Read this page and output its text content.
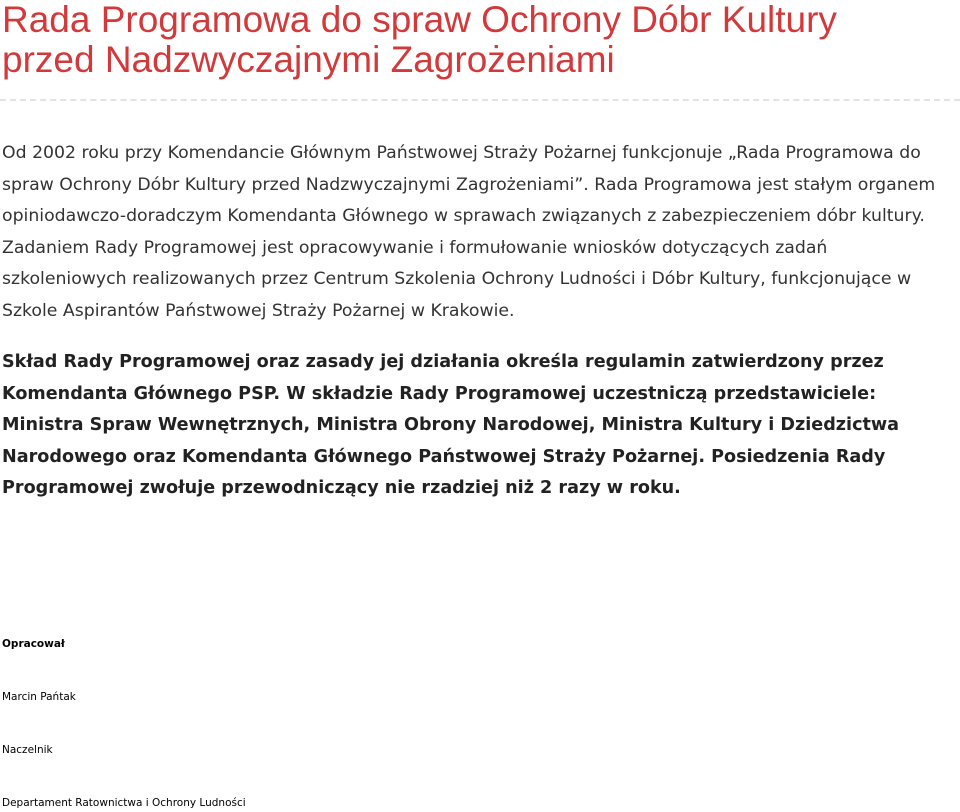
Rada Programowa do spraw Ochrony Dóbr Kultury
przed Nadzwyczajnymi Zagrożeniami

Od 2002 roku przy Komendancie Głównym Państwowej Straży Pożarnej funkcjonuje „Rada Programowa do spraw Ochrony Dóbr Kultury przed Nadzwyczajnymi Zagrożeniami”. Rada Programowa jest stałym organem opiniodawczo-doradczym Komendanta Głównego w sprawach związanych z zabezpieczeniem dóbr kultury. Zadaniem Rady Programowej jest opracowywanie i formułowanie wniosków dotyczących zadań szkoleniowych realizowanych przez Centrum Szkolenia Ochrony Ludności i Dóbr Kultury, funkcjonujące w Szkole Aspirantów Państwowej Straży Pożarnej w Krakowie.

Skład Rady Programowej oraz zasady jej działania określa regulamin zatwierdzony przez Komendanta Głównego PSP. W składzie Rady Programowej uczestniczą przedstawiciele: Ministra Spraw Wewnętrznych, Ministra Obrony Narodowej, Ministra Kultury i Dziedzictwa Narodowego oraz Komendanta Głównego Państwowej Straży Pożarnej. Posiedzenia Rady Programowej zwołuje przewodniczący nie rzadziej niż 2 razy w roku.

Opracował

Marcin Pańtak

Naczelnik

Departament Ratownictwa i Ochrony Ludności
